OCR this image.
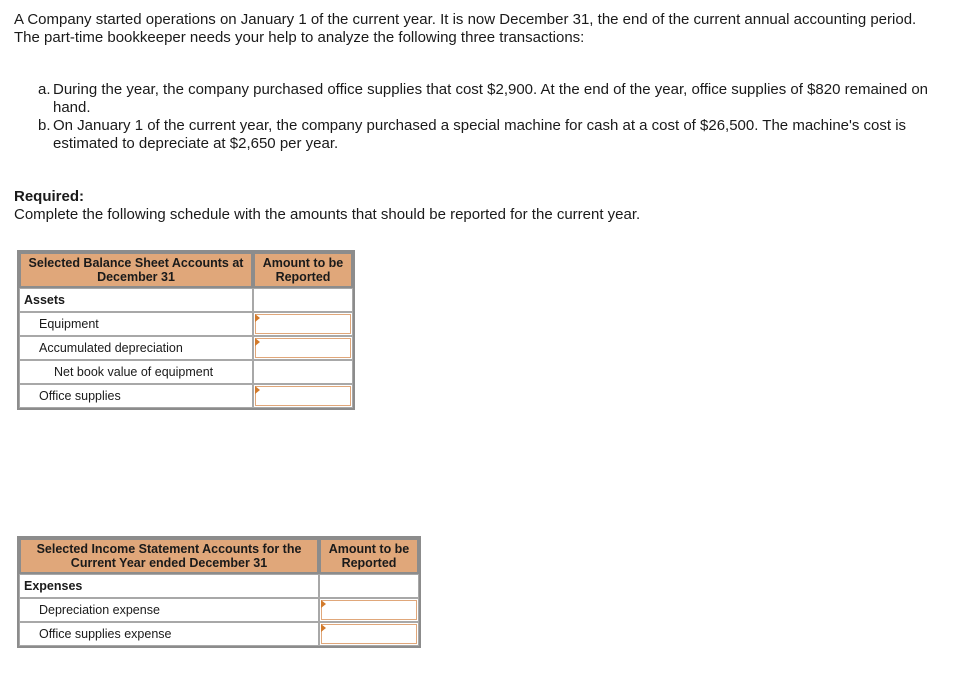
A Company started operations on January 1 of the current year. It is now December 31, the end of the current annual accounting period. The part-time bookkeeper needs your help to analyze the following three transactions:
a. During the year, the company purchased office supplies that cost $2,900. At the end of the year, office supplies of $820 remained on hand.
b. On January 1 of the current year, the company purchased a special machine for cash at a cost of $26,500. The machine's cost is estimated to depreciate at $2,650 per year.
Required:
Complete the following schedule with the amounts that should be reported for the current year.
Selected Balance Sheet Accounts at December 31	Amount to be Reported
Assets	
Equipment	

Accumulated depreciation	

Net book value of equipment	
Office supplies	
Selected Income Statement Accounts for the Current Year ended December 31	Amount to be Reported
Expenses	
Depreciation expense	

Office supplies expense	
